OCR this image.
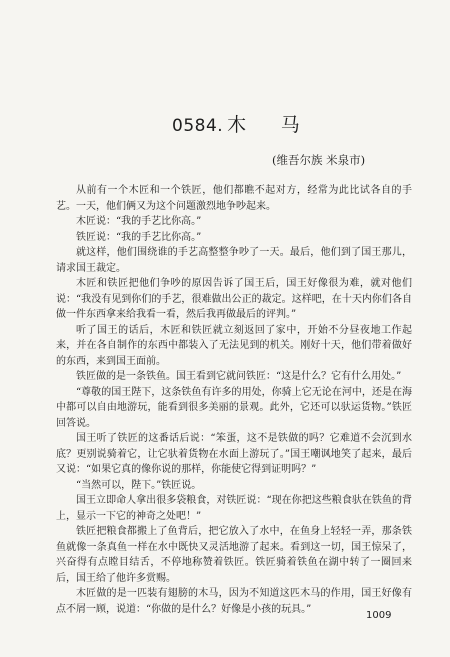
0584. 木 马
(维吾尔族 米泉市)

从前有一个木匠和一个铁匠，他们都瞧不起对方，经常为此比试各自的手艺。一天，他们俩又为这个问题激烈地争吵起来。

木匠说：“我的手艺比你高。”

铁匠说：“我的手艺比你高。”

就这样，他们围绕谁的手艺高整整争吵了一天。最后，他们到了国王那儿，请求国王裁定。

木匠和铁匠把他们争吵的原因告诉了国王后，国王好像很为难，就对他们说：“我没有见到你们的手艺，很难做出公正的裁定。这样吧，在十天内你们各自做一件东西拿来给我看一看，然后我再做最后的评判。”

听了国王的话后，木匠和铁匠就立刻返回了家中，开始不分昼夜地工作起来，并在各自制作的东西中都装入了无法见到的机关。刚好十天，他们带着做好的东西，来到国王面前。

铁匠做的是一条铁鱼。国王看到它就问铁匠：“这是什么？它有什么用处。”

“尊敬的国王陛下，这条铁鱼有许多的用处，你骑上它无论在河中，还是在海中都可以自由地游玩，能看到很多美丽的景观。此外，它还可以驮运货物。”铁匠回答说。

国王听了铁匠的这番话后说：“笨蛋，这不是铁做的吗？它难道不会沉到水底？更别说骑着它，让它驮着货物在水面上游玩了。”国王嘲讽地笑了起来，最后又说：“如果它真的像你说的那样，你能使它得到证明吗？”

“当然可以，陛下。”铁匠说。

国王立即命人拿出很多袋粮食，对铁匠说：“现在你把这些粮食驮在铁鱼的背上，显示一下它的神奇之处吧！”

铁匠把粮食都搬上了鱼背后，把它放入了水中，在鱼身上轻轻一弄，那条铁鱼就像一条真鱼一样在水中既快又灵活地游了起来。看到这一切，国王惊呆了，兴奋得有点瞠目结舌，不停地称赞着铁匠。铁匠骑着铁鱼在湖中转了一圈回来后，国王给了他许多赏赐。

木匠做的是一匹装有翅膀的木马，因为不知道这匹木马的作用，国王好像有点不屑一顾，说道：“你做的是什么？好像是小孩的玩具。”

1009
